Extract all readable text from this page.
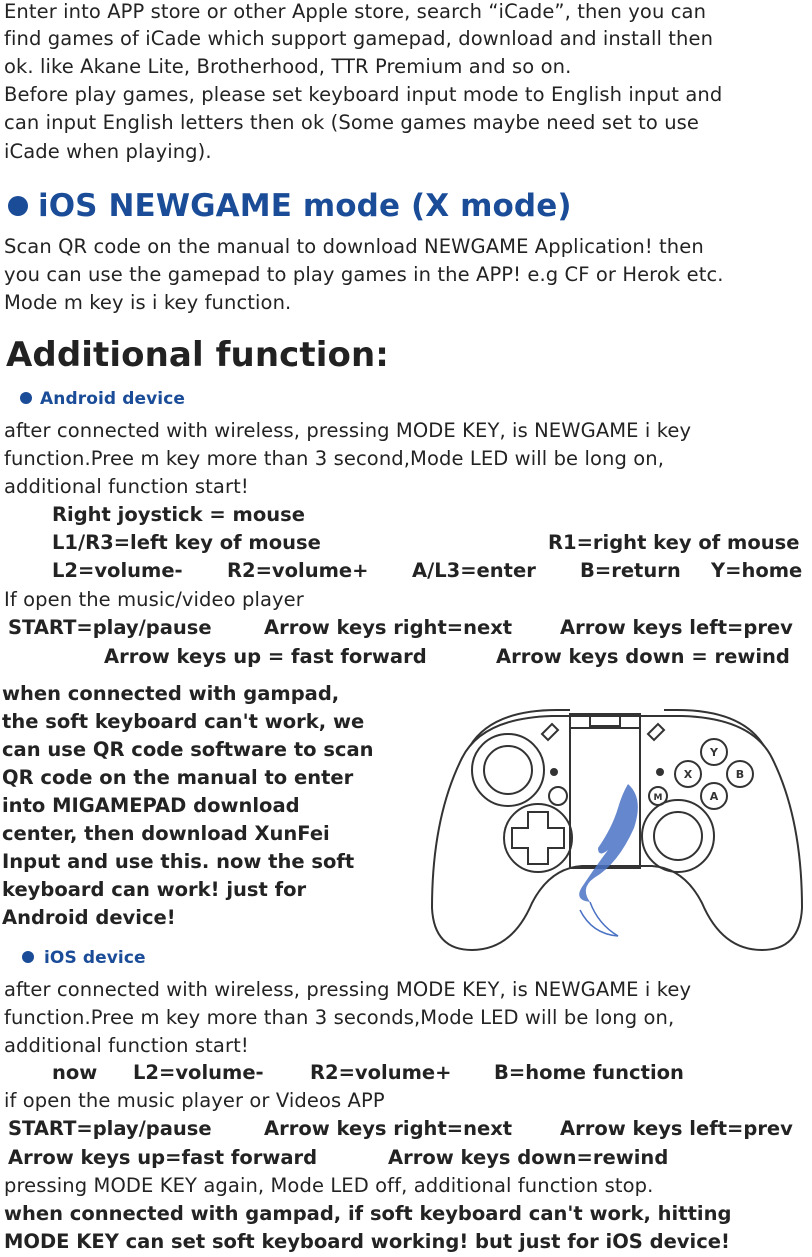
Enter into APP store or other Apple store, search “iCade”, then you can
find games of iCade which support gamepad, download and install then
ok. like Akane Lite, Brotherhood, TTR Premium and so on.
Before play games, please set keyboard input mode to English input and
can input English letters then ok (Some games maybe need set to use
iCade when playing).
iOS NEWGAME mode (X mode)
Scan QR code on the manual to download NEWGAME Application! then
you can use the gamepad to play games in the APP! e.g CF or Herok etc.
Mode m key is i key function.
Additional function:
Android device
after connected with wireless, pressing MODE KEY, is NEWGAME i key
function.Pree m key more than 3 second,Mode LED will be long on,
additional function start!
Right joystick = mouse
L1/R3=left key of mouse	R1=right key of mouse
L2=volume- R2=volume+ A/L3=enter B=return Y=home
If open the music/video player
START=play/pause	Arrow keys right=next Arrow keys left=prev
Arrow keys up = fast forward	Arrow keys down = rewind
when connected with gampad,
the soft keyboard can't work, we
can use QR code software to scan
QR code on the manual to enter
into MIGAMEPAD download
center, then download XunFei
Input and use this. now the soft
keyboard can work! just for
Android device!
Y
X	B
A
M
iOS device
after connected with wireless, pressing MODE KEY, is NEWGAME i key
function.Pree m key more than 3 seconds,Mode LED will be long on,
additional function start!
now L2=volume- R2=volume+ B=home function
if open the music player or Videos APP
START=play/pause	Arrow keys right=next Arrow keys left=prev
Arrow keys up=fast forward	Arrow keys down=rewind
pressing MODE KEY again, Mode LED off, additional function stop.
when connected with gampad, if soft keyboard can't work, hitting
MODE KEY can set soft keyboard working! but just for iOS device!
